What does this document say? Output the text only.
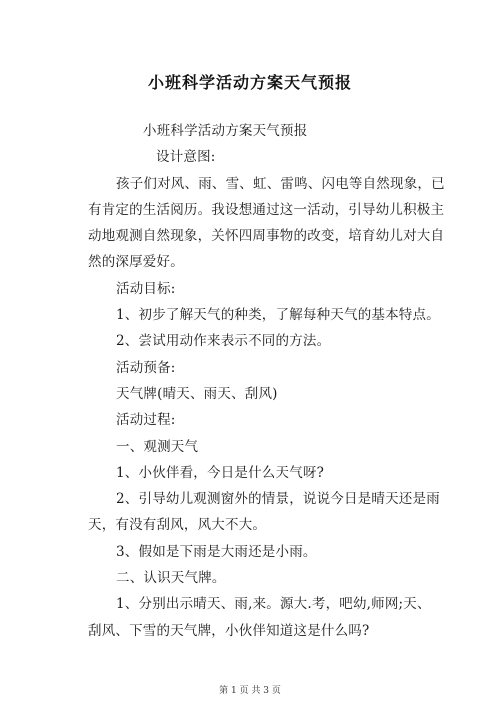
小班科学活动方案天气预报

小班科学活动方案天气预报

设计意图:

孩子们对风、雨、雪、虹、雷鸣、闪电等自然现象，已

有肯定的生活阅历。我设想通过这一活动，引导幼儿积极主

动地观测自然现象，关怀四周事物的改变，培育幼儿对大自

然的深厚爱好。

活动目标:

1、初步了解天气的种类，了解每种天气的基本特点。

2、尝试用动作来表示不同的方法。

活动预备:

天气牌(晴天、雨天、刮风)

活动过程:

一、观测天气

1、小伙伴看，今日是什么天气呀?

2、引导幼儿观测窗外的情景，说说今日是晴天还是雨

天，有没有刮风，风大不大。

3、假如是下雨是大雨还是小雨。

二、认识天气牌。

1、分别出示晴天、雨,来。源大.考，吧幼,师网;天、

刮风、下雪的天气牌，小伙伴知道这是什么吗?

第 1 页 共 3 页
